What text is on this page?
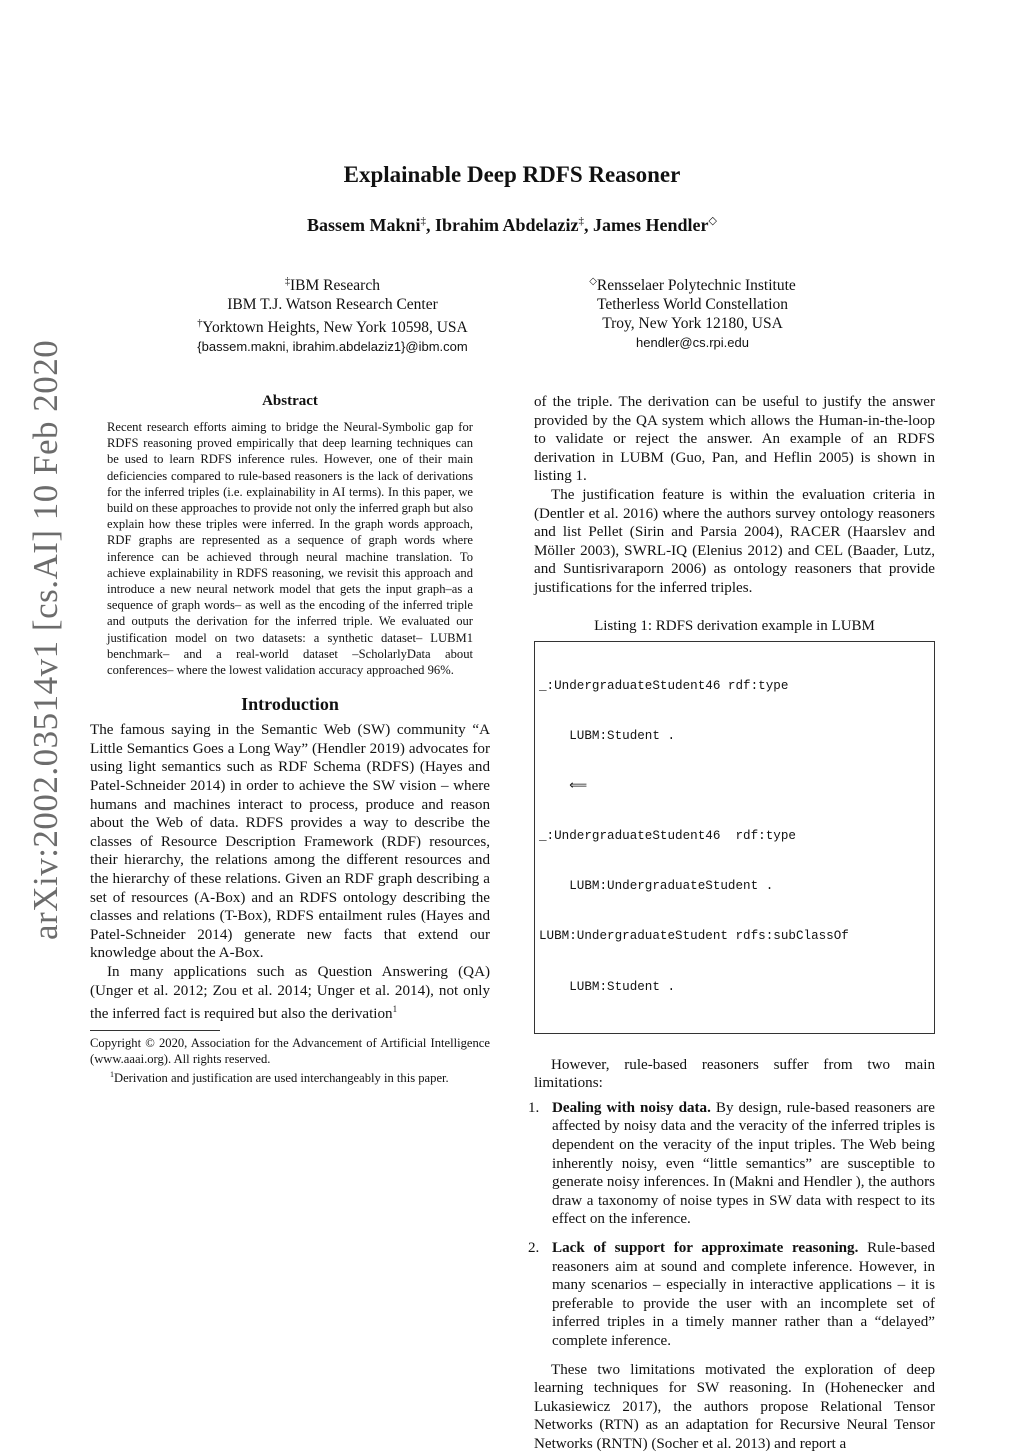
arXiv:2002.03514v1 [cs.AI] 10 Feb 2020
Explainable Deep RDFS Reasoner
Bassem Makni‡, Ibrahim Abdelaziz‡, James Hendler◇
‡IBM Research
IBM T.J. Watson Research Center
†Yorktown Heights, New York 10598, USA
{bassem.makni, ibrahim.abdelaziz1}@ibm.com
◇Rensselaer Polytechnic Institute
Tetherless World Constellation
Troy, New York 12180, USA
hendler@cs.rpi.edu
Abstract

Recent research efforts aiming to bridge the Neural-Symbolic gap for RDFS reasoning proved empirically that deep learning techniques can be used to learn RDFS inference rules. However, one of their main deficiencies compared to rule-based reasoners is the lack of derivations for the inferred triples (i.e. explainability in AI terms). In this paper, we build on these approaches to provide not only the inferred graph but also explain how these triples were inferred. In the graph words approach, RDF graphs are represented as a sequence of graph words where inference can be achieved through neural machine translation. To achieve explainability in RDFS reasoning, we revisit this approach and introduce a new neural network model that gets the input graph–as a sequence of graph words– as well as the encoding of the inferred triple and outputs the derivation for the inferred triple. We evaluated our justification model on two datasets: a synthetic dataset– LUBM1 benchmark– and a real-world dataset –ScholarlyData about conferences– where the lowest validation accuracy approached 96%.

Introduction

The famous saying in the Semantic Web (SW) community “A Little Semantics Goes a Long Way” (Hendler 2019) advocates for using light semantics such as RDF Schema (RDFS) (Hayes and Patel-Schneider 2014) in order to achieve the SW vision – where humans and machines interact to process, produce and reason about the Web of data. RDFS provides a way to describe the classes of Resource Description Framework (RDF) resources, their hierarchy, the relations among the different resources and the hierarchy of these relations. Given an RDF graph describing a set of resources (A-Box) and an RDFS ontology describing the classes and relations (T-Box), RDFS entailment rules (Hayes and Patel-Schneider 2014) generate new facts that extend our knowledge about the A-Box.

In many applications such as Question Answering (QA) (Unger et al. 2012; Zou et al. 2014; Unger et al. 2014), not only the inferred fact is required but also the derivation$^1$

Copyright © 2020, Association for the Advancement of Artificial Intelligence (www.aaai.org). All rights reserved.

$^1$Derivation and justification are used interchangeably in this paper.

of the triple. The derivation can be useful to justify the answer provided by the QA system which allows the Human-in-the-loop to validate or reject the answer. An example of an RDFS derivation in LUBM (Guo, Pan, and Heflin 2005) is shown in listing 1.

The justification feature is within the evaluation criteria in (Dentler et al. 2016) where the authors survey ontology reasoners and list Pellet (Sirin and Parsia 2004), RACER (Haarslev and Möller 2003), SWRL-IQ (Elenius 2012) and CEL (Baader, Lutz, and Suntisrivaraporn 2006) as ontology reasoners that provide justifications for the inferred triples.

Listing 1: RDFS derivation example in LUBM

_:UndergraduateStudent46 rdf:type

LUBM:Student .

⟸

_:UndergraduateStudent46  rdf:type

LUBM:UndergraduateStudent .

LUBM:UndergraduateStudent rdfs:subClassOf

LUBM:Student .

However, rule-based reasoners suffer from two main limitations:

1. Dealing with noisy data. By design, rule-based reasoners are affected by noisy data and the veracity of the inferred triples is dependent on the veracity of the input triples. The Web being inherently noisy, even “little semantics” are susceptible to generate noisy inferences. In (Makni and Hendler ), the authors draw a taxonomy of noise types in SW data with respect to its effect on the inference.
2. Lack of support for approximate reasoning. Rule-based reasoners aim at sound and complete inference. However, in many scenarios – especially in interactive applications – it is preferable to provide the user with an incomplete set of inferred triples in a timely manner rather than a “delayed” complete inference.

These two limitations motivated the exploration of deep learning techniques for SW reasoning. In (Hohenecker and Lukasiewicz 2017), the authors propose Relational Tensor Networks (RTN) as an adaptation for Recursive Neural Tensor Networks (RNTN) (Socher et al. 2013) and report a
